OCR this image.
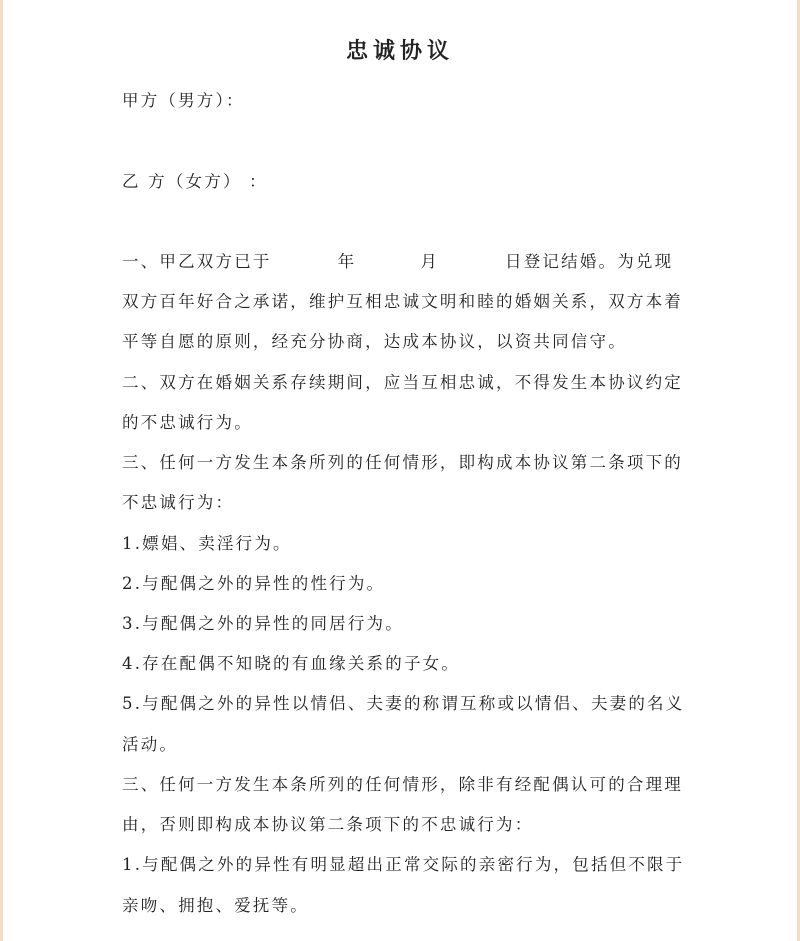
忠诚协议
甲方（男方）：
乙 方（女方） ：
一、甲乙双方已于	年	月	日登记结婚。为兑现
双方百年好合之承诺，维护互相忠诚文明和睦的婚姻关系，双方本着
平等自愿的原则，经充分协商，达成本协议，以资共同信守。
二、双方在婚姻关系存续期间，应当互相忠诚，不得发生本协议约定
的不忠诚行为。
三、任何一方发生本条所列的任何情形，即构成本协议第二条项下的
不忠诚行为：
1.嫖娼、卖淫行为。
2.与配偶之外的异性的性行为。
3.与配偶之外的异性的同居行为。
4.存在配偶不知晓的有血缘关系的子女。
5.与配偶之外的异性以情侣、夫妻的称谓互称或以情侣、夫妻的名义
活动。
三、任何一方发生本条所列的任何情形，除非有经配偶认可的合理理
由，否则即构成本协议第二条项下的不忠诚行为：
1.与配偶之外的异性有明显超出正常交际的亲密行为，包括但不限于
亲吻、拥抱、爱抚等。
